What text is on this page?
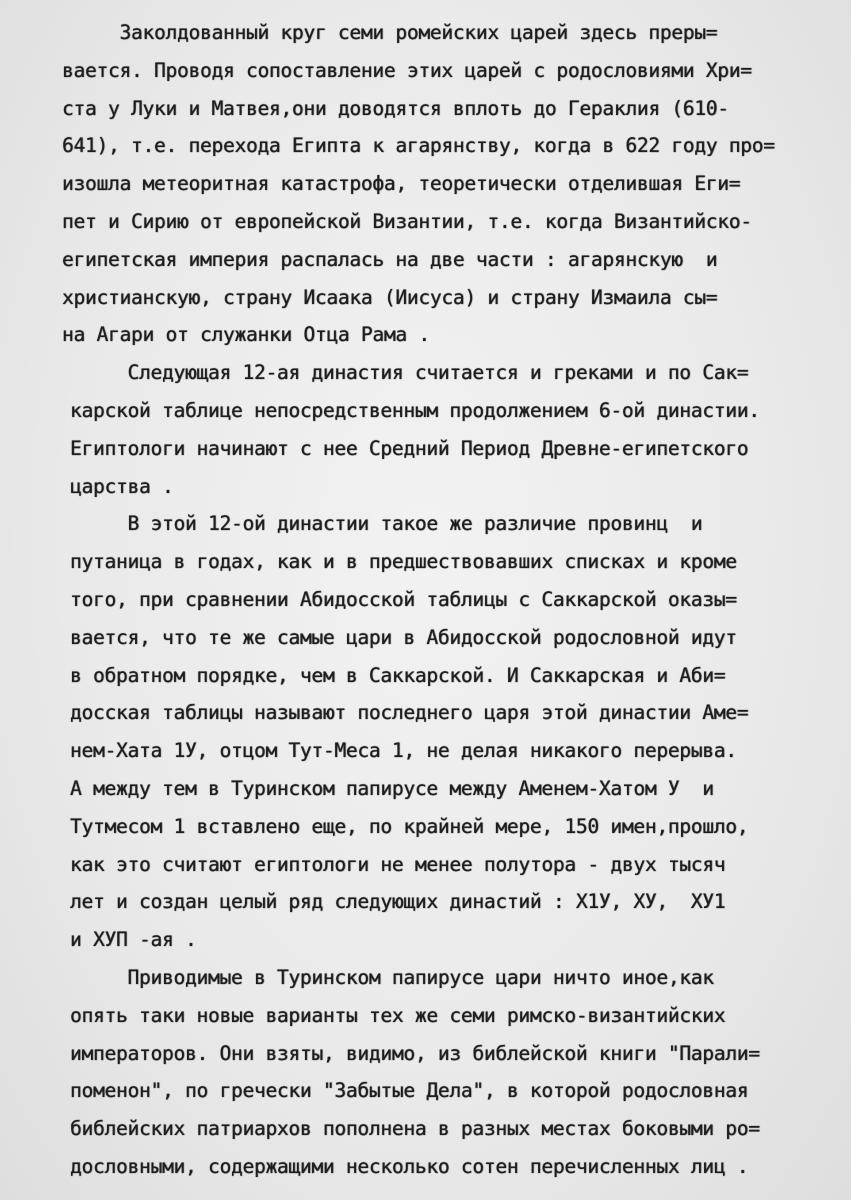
Заколдованный круг семи ромейских царей здесь преры=
вается. Проводя сопоставление этих царей с родословиями Хри=
ста у Луки и Матвея,они доводятся вплоть до Гераклия (610-
641), т.е. перехода Египта к агарянству, когда в 622 году про=
изошла метеоритная катастрофа, теоретически отделившая Еги=
пет и Сирию от европейской Византии, т.е. когда Византийско-
египетская империя распалась на две части : агарянскую  и
христианскую, страну Исаака (Иисуса) и страну Измаила сы=
на Агари от служанки Отца Рама .
Следующая 12-ая династия считается и греками и по Сак=
карской таблице непосредственным продолжением 6-ой династии.
Египтологи начинают с нее Средний Период Древне-египетского
царства .
В этой 12-ой династии такое же различие провинц  и
путаница в годах, как и в предшествовавших списках и кроме
того, при сравнении Абидосской таблицы с Саккарской оказы=
вается, что те же самые цари в Абидосской родословной идут
в обратном порядке, чем в Саккарской. И Саккарская и Аби=
досская таблицы называют последнего царя этой династии Аме=
нем-Хата 1У, отцом Тут-Меса 1, не делая никакого перерыва.
А между тем в Туринском папирусе между Аменем-Хатом У  и
Тутмесом 1 вставлено еще, по крайней мере, 150 имен,прошло,
как это считают египтологи не менее полутора - двух тысяч
лет и создан целый ряд следующих династий : Х1У, ХУ,  ХУ1
и ХУП -ая .
Приводимые в Туринском папирусе цари ничто иное,как
опять таки новые варианты тех же семи римско-византийских
императоров. Они взяты, видимо, из библейской книги "Парали=
поменон", по гречески "Забытые Дела", в которой родословная
библейских патриархов пополнена в разных местах боковыми ро=
дословными, содержащими несколько сотен перечисленных лиц .
